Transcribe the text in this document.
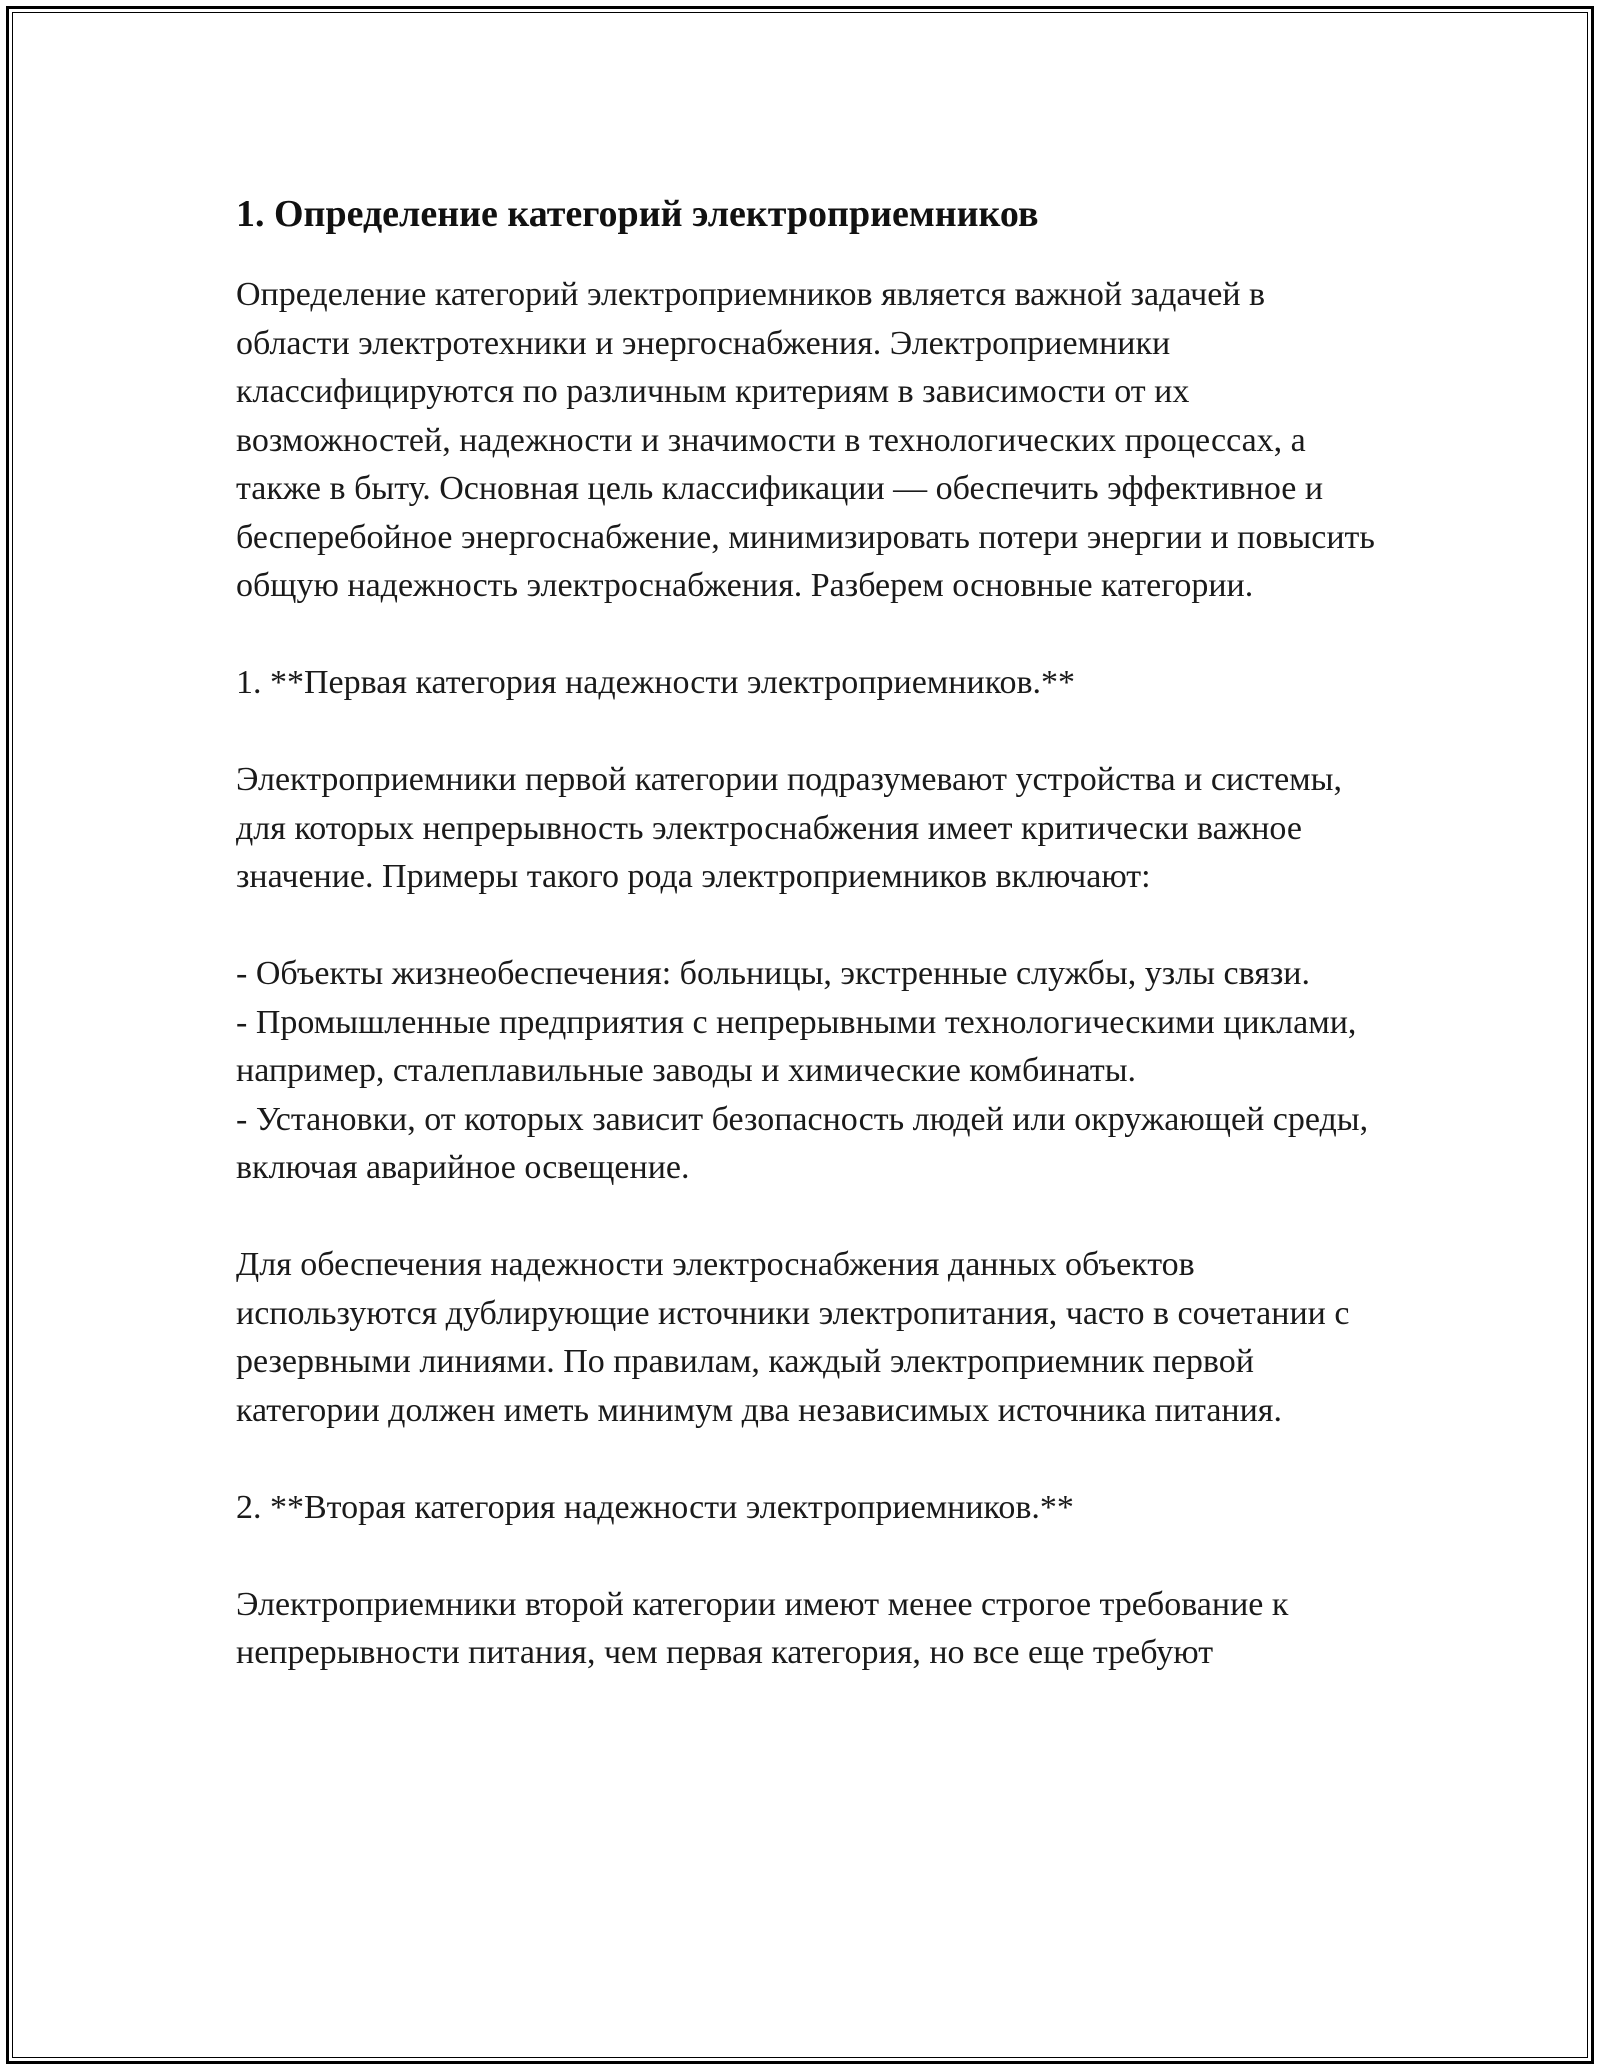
1. Определение категорий электроприемников

Определение категорий электроприемников является важной задачей в области электротехники и энергоснабжения. Электроприемники классифицируются по различным критериям в зависимости от их возможностей, надежности и значимости в технологических процессах, а также в быту. Основная цель классификации — обеспечить эффективное и бесперебойное энергоснабжение, минимизировать потери энергии и повысить общую надежность электроснабжения. Разберем основные категории.

1. **Первая категория надежности электроприемников.**

Электроприемники первой категории подразумевают устройства и системы, для которых непрерывность электроснабжения имеет критически важное значение. Примеры такого рода электроприемников включают:

- Объекты жизнеобеспечения: больницы, экстренные службы, узлы связи.
- Промышленные предприятия с непрерывными технологическими циклами, например, сталеплавильные заводы и химические комбинаты.
- Установки, от которых зависит безопасность людей или окружающей среды, включая аварийное освещение.

Для обеспечения надежности электроснабжения данных объектов используются дублирующие источники электропитания, часто в сочетании с резервными линиями. По правилам, каждый электроприемник первой категории должен иметь минимум два независимых источника питания.

2. **Вторая категория надежности электроприемников.**

Электроприемники второй категории имеют менее строгое требование к непрерывности питания, чем первая категория, но все еще требуют
